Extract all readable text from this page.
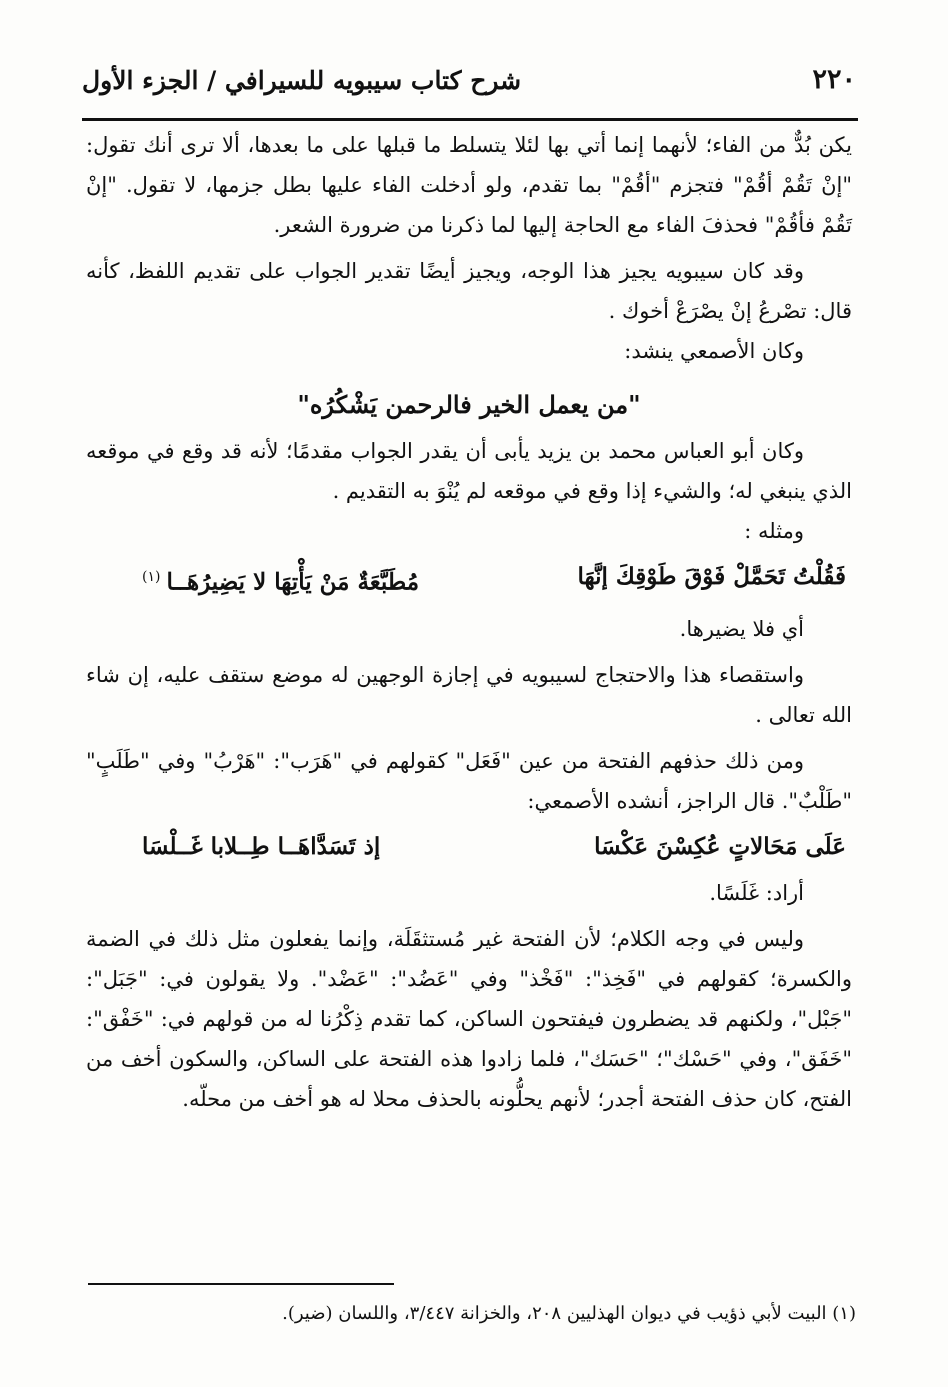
٢٢٠
شرح كتاب سيبويه للسيرافي / الجزء الأول

يكن بُدٌّ من الفاء؛ لأنهما إنما أتي بها لئلا يتسلط ما قبلها على ما بعدها، ألا ترى أنك تقول: "إنْ تَقُمْ أقُمْ" فتجزم "أقُمْ" بما تقدم، ولو أدخلت الفاء عليها بطل جزمها، لا تقول. "إنْ تَقُمْ فأقُمْ" فحذفَ الفاء مع الحاجة إليها لما ذكرنا من ضرورة الشعر.

وقد كان سيبويه يجيز هذا الوجه، ويجيز أيضًا تقدير الجواب على تقديم اللفظ، كأنه قال: تصْرعُ إنْ يصْرَعْ أخوك .

وكان الأصمعي ينشد:

"من يعمل الخير فالرحمن يَشْكُرُه"

وكان أبو العباس محمد بن يزيد يأبى أن يقدر الجواب مقدمًا؛ لأنه قد وقع في موقعه الذي ينبغي له؛ والشيء إذا وقع في موقعه لم يُنْوَ به التقديم .

ومثله :

فَقُلْتُ تَحَمَّلْ فَوْقَ طَوْقِكَ إنَّهَا
مُطَبَّعَةٌ مَنْ يَأْتِهَا لا يَضِيرُهَــا$^{(١)}$

أي فلا يضيرها.

واستقصاء هذا والاحتجاج لسيبويه في إجازة الوجهين له موضع ستقف عليه، إن شاء الله تعالى .

ومن ذلك حذفهم الفتحة من عين "فَعَل" كقولهم في "هَرَب": "هَرْبُ" وفي "طَلَبٍ" "طَلْبٌ". قال الراجز، أنشده الأصمعي:

عَلَى مَحَالاتٍ عُكِسْنَ عَكْسَا
إذ تَسَدَّاهَــا طِــلابا غَــلْسَا

أراد: غَلَسًا.

وليس في وجه الكلام؛ لأن الفتحة غير مُستثقَلَة، وإنما يفعلون مثل ذلك في الضمة والكسرة؛ كقولهم في "فَخِذ": "فَخْذ" وفي "عَضُد": "عَضْد". ولا يقولون في: "جَبَل": "جَبْل"، ولكنهم قد يضطرون فيفتحون الساكن، كما تقدم ذِكْرُنا له من قولهم في: "خَفْق": "خَفَق"، وفي "حَسْك"؛ "حَسَك"، فلما زادوا هذه الفتحة على الساكن، والسكون أخف من الفتح، كان حذف الفتحة أجدر؛ لأنهم يحلُّونه بالحذف محلا له هو أخف من محلّه.

(١) البيت لأبي ذؤيب في ديوان الهذليين ٢٠٨، والخزانة ٣/٤٤٧، واللسان (ضير).
